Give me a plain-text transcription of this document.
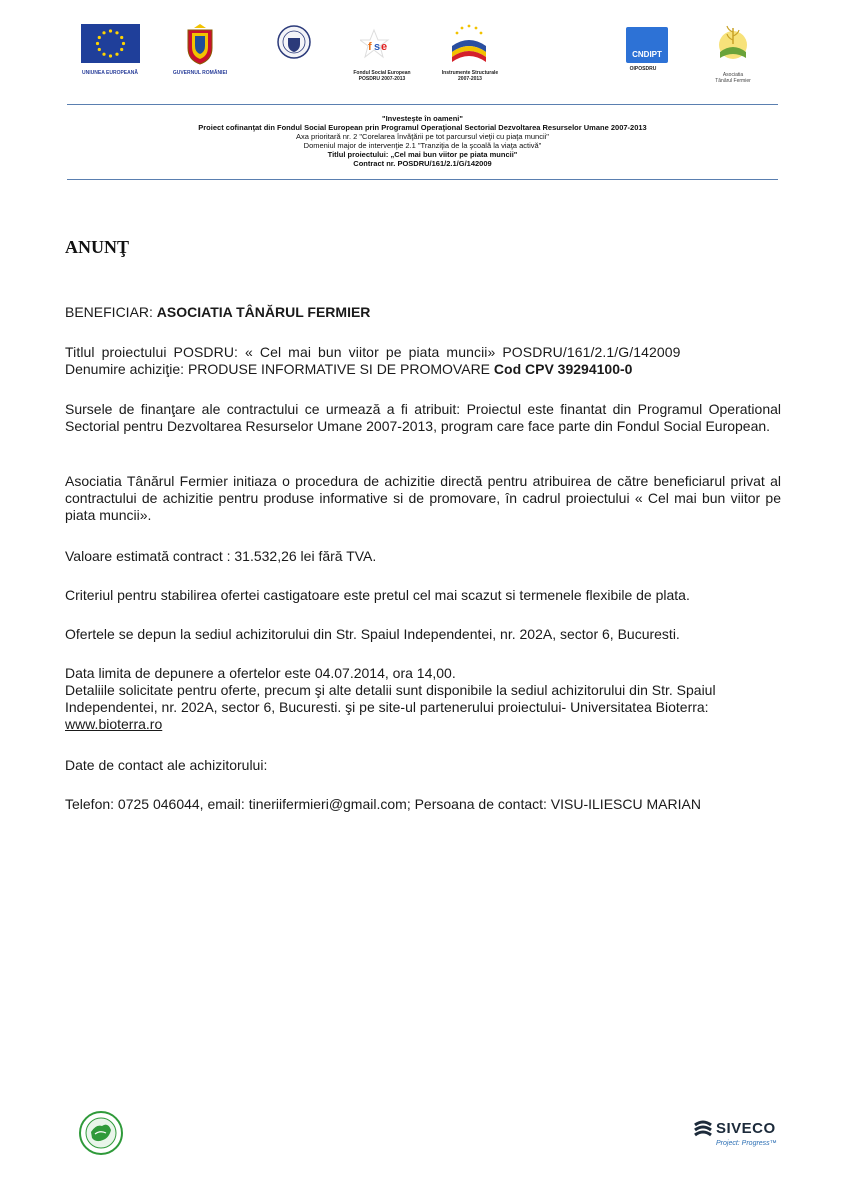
UNIUNEA EUROPEANĂ	GUVERNUL ROMÂNIEI
f s e
Fondul Social European
POSDRU 2007-2013
Instrumente Structurale
2007-2013
CNDIPT
OIPOSDRU
Asociatia
Tânărul Fermier
"Investeşte în oameni"
Proiect cofinanţat din Fondul Social European prin Programul Operaţional Sectorial Dezvoltarea Resurselor Umane 2007-2013
Axa prioritară nr. 2 "Corelarea învăţării pe tot parcursul vieţii cu piaţa muncii"
Domeniul major de intervenţie 2.1 "Tranziţia de la şcoală la viaţa activă"
Titlul proiectului: „Cel mai bun viitor pe piata muncii"
Contract nr. POSDRU/161/2.1/G/142009
ANUNŢ
BENEFICIAR: ASOCIATIA TÂNĂRUL FERMIER
Titlul proiectului POSDRU: « Cel mai bun viitor pe piata muncii» POSDRU/161/2.1/G/142009
Denumire achiziţie: PRODUSE INFORMATIVE SI DE PROMOVARE Cod CPV 39294100-0
Sursele de finanţare ale contractului ce urmează a fi atribuit: Proiectul este finantat din Programul Operational Sectorial pentru Dezvoltarea Resurselor Umane 2007-2013, program care face parte din Fondul Social European.
Asociatia Tânărul Fermier initiaza o procedura de achizitie directă pentru atribuirea de către beneficiarul privat al contractului de achizitie pentru produse informative si de promovare, în cadrul proiectului « Cel mai bun viitor pe piata muncii».
Valoare estimată contract : 31.532,26 lei fără TVA.
Criteriul pentru stabilirea ofertei castigatoare este pretul cel mai scazut si termenele flexibile de plata.
Ofertele se depun la sediul achizitorului din Str. Spaiul Independentei, nr. 202A, sector 6, Bucuresti.
Data limita de depunere a ofertelor este 04.07.2014, ora 14,00.
Detaliile solicitate pentru oferte, precum şi alte detalii sunt disponibile la sediul achizitorului din Str. Spaiul Independentei, nr. 202A, sector 6, Bucuresti. şi pe site-ul partenerului proiectului- Universitatea Bioterra: www.bioterra.ro
Date de contact ale achizitorului:
Telefon: 0725 046044, email: tineriifermieri@gmail.com; Persoana de contact: VISU-ILIESCU MARIAN
SIVECO
Project: Progress™
